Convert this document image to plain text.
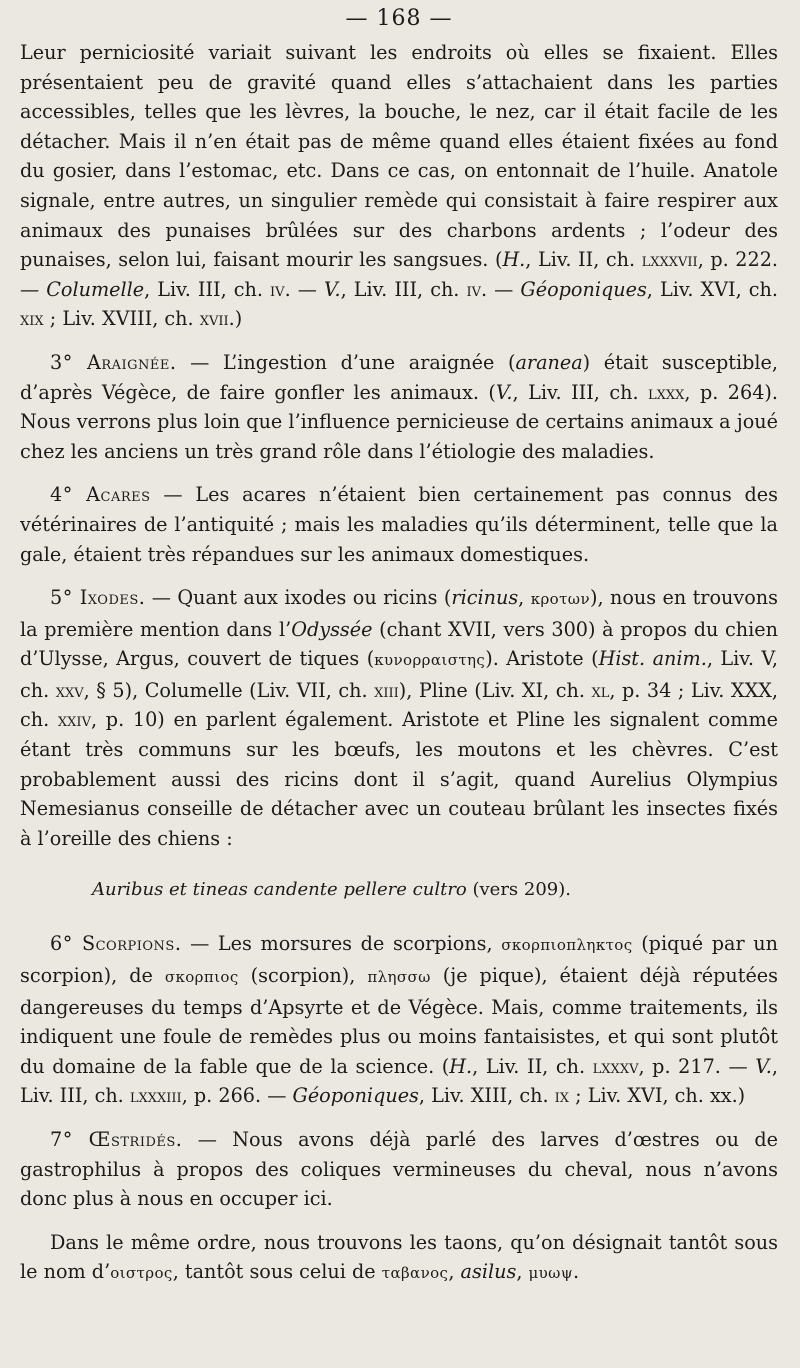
— 168 —

Leur perniciosité variait suivant les endroits où elles se fixaient. Elles présentaient peu de gravité quand elles s’attachaient dans les parties accessibles, telles que les lèvres, la bouche, le nez, car il était facile de les détacher. Mais il n’en était pas de même quand elles étaient fixées au fond du gosier, dans l’estomac, etc. Dans ce cas, on entonnait de l’huile. Anatole signale, entre autres, un singulier remède qui consistait à faire respirer aux animaux des punaises brûlées sur des charbons ardents ; l’odeur des punaises, selon lui, faisant mourir les sangsues. (H., Liv. II, ch. lxxxvii, p. 222. — Columelle, Liv. III, ch. iv. — V., Liv. III, ch. iv. — Géoponiques, Liv. XVI, ch. xix ; Liv. XVIII, ch. xvii.)

3° Araignée. — L’ingestion d’une araignée (aranea) était susceptible, d’après Végèce, de faire gonfler les animaux. (V., Liv. III, ch. lxxx, p. 264). Nous verrons plus loin que l’influence pernicieuse de certains animaux a joué chez les anciens un très grand rôle dans l’étiologie des maladies.

4° Acares — Les acares n’étaient bien certainement pas connus des vétérinaires de l’antiquité ; mais les maladies qu’ils déterminent, telle que la gale, étaient très répandues sur les animaux domestiques.

5° Ixodes. — Quant aux ixodes ou ricins (ricinus, κροτων), nous en trouvons la première mention dans l’Odyssée (chant XVII, vers 300) à propos du chien d’Ulysse, Argus, couvert de tiques (κυνορραιστης). Aristote (Hist. anim., Liv. V, ch. xxv, § 5), Columelle (Liv. VII, ch. xiii), Pline (Liv. XI, ch. xl, p. 34 ; Liv. XXX, ch. xxiv, p. 10) en parlent également. Aristote et Pline les signalent comme étant très communs sur les bœufs, les moutons et les chèvres. C’est probablement aussi des ricins dont il s’agit, quand Aurelius Olympius Nemesianus conseille de détacher avec un couteau brûlant les insectes fixés à l’oreille des chiens :

Auribus et tineas candente pellere cultro (vers 209).

6° Scorpions. — Les morsures de scorpions, σκορπιοπληκτος (piqué par un scorpion), de σκορπιος (scorpion), πλησσω (je pique), étaient déjà réputées dangereuses du temps d’Apsyrte et de Végèce. Mais, comme traitements, ils indiquent une foule de remèdes plus ou moins fantaisistes, et qui sont plutôt du domaine de la fable que de la science. (H., Liv. II, ch. lxxxv, p. 217. — V., Liv. III, ch. lxxxiii, p. 266. — Géoponiques, Liv. XIII, ch. ix ; Liv. XVI, ch. xx.)

7° Œstridés. — Nous avons déjà parlé des larves d’œstres ou de gastrophilus à propos des coliques vermineuses du cheval, nous n’avons donc plus à nous en occuper ici.

Dans le même ordre, nous trouvons les taons, qu’on désignait tantôt sous le nom d’οιστρος, tantôt sous celui de ταβανος, asilus, μυωψ.
